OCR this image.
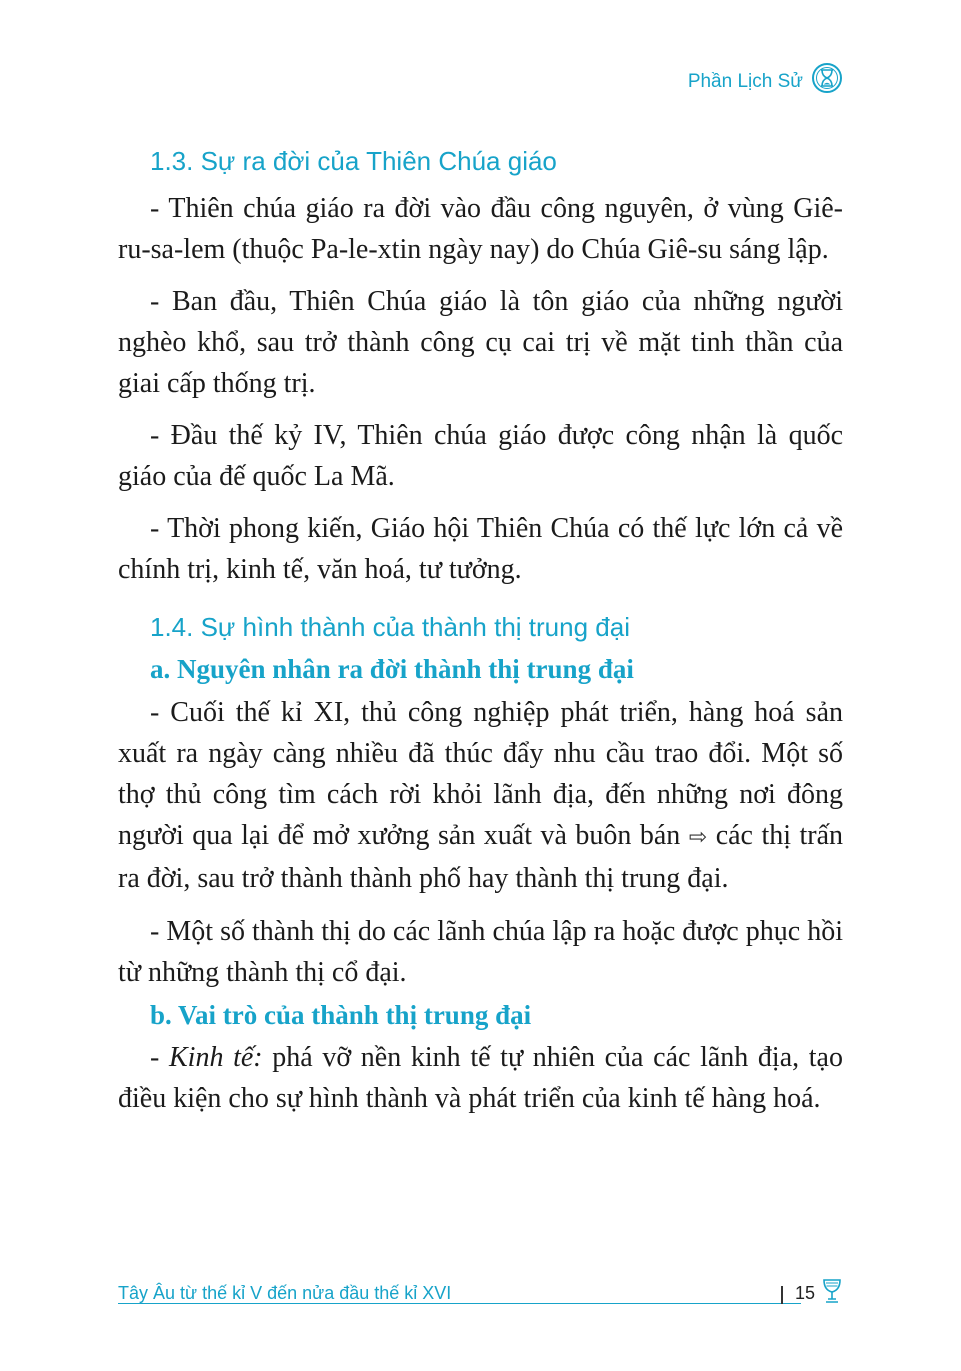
Phần Lịch Sử
1.3. Sự ra đời của Thiên Chúa giáo

- Thiên chúa giáo ra đời vào đầu công nguyên, ở vùng Giê-ru-sa-lem (thuộc Pa-le-xtin ngày nay) do Chúa Giê-su sáng lập.

- Ban đầu, Thiên Chúa giáo là tôn giáo của những người nghèo khổ, sau trở thành công cụ cai trị về mặt tinh thần của giai cấp thống trị.

- Đầu thế kỷ IV, Thiên chúa giáo được công nhận là quốc giáo của đế quốc La Mã.

- Thời phong kiến, Giáo hội Thiên Chúa có thế lực lớn cả về chính trị, kinh tế, văn hoá, tư tưởng.

1.4. Sự hình thành của thành thị trung đại
a. Nguyên nhân ra đời thành thị trung đại

- Cuối thế kỉ XI, thủ công nghiệp phát triển, hàng hoá sản xuất ra ngày càng nhiều đã thúc đẩy nhu cầu trao đổi. Một số thợ thủ công tìm cách rời khỏi lãnh địa, đến những nơi đông người qua lại để mở xưởng sản xuất và buôn bán ⇨ các thị trấn ra đời, sau trở thành thành phố hay thành thị trung đại.

- Một số thành thị do các lãnh chúa lập ra hoặc được phục hồi từ những thành thị cổ đại.

b. Vai trò của thành thị trung đại

- Kinh tế: phá vỡ nền kinh tế tự nhiên của các lãnh địa, tạo điều kiện cho sự hình thành và phát triển của kinh tế hàng hoá.

Tây Âu từ thế kỉ V đến nửa đầu thế kỉ XVI	15
